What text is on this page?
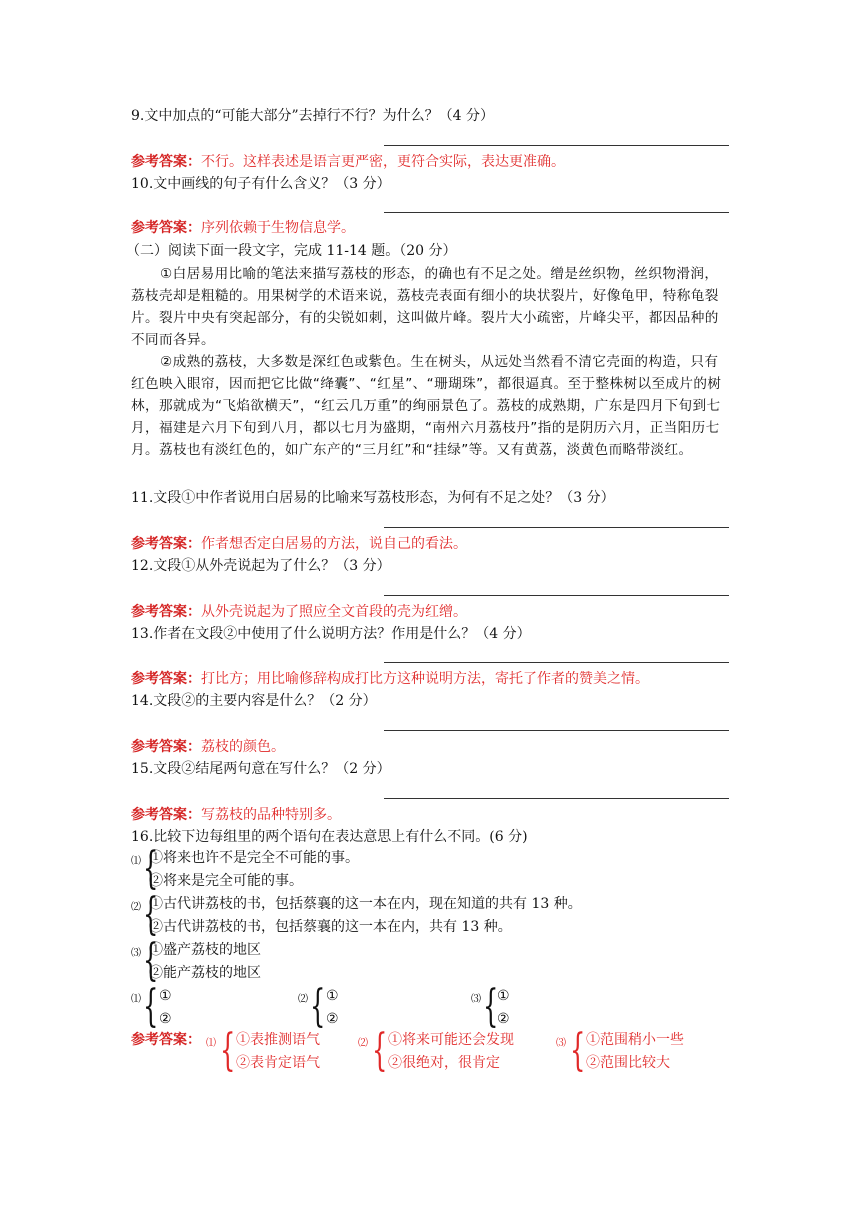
9.文中加点的“可能大部分”去掉行不行？为什么？（4 分）
参考答案：不行。这样表述是语言更严密，更符合实际，表达更准确。
10.文中画线的句子有什么含义？（3 分）
参考答案：序列依赖于生物信息学。
（二）阅读下面一段文字，完成 11-14 题。（20 分）
①白居易用比喻的笔法来描写荔枝的形态，的确也有不足之处。缯是丝织物，丝织物滑润，荔枝壳却是粗糙的。用果树学的术语来说，荔枝壳表面有细小的块状裂片，好像龟甲，特称龟裂片。裂片中央有突起部分，有的尖锐如刺，这叫做片峰。裂片大小疏密，片峰尖平，都因品种的不同而各异。
②成熟的荔枝，大多数是深红色或紫色。生在树头，从远处当然看不清它壳面的构造，只有红色映入眼帘，因而把它比做“绛囊”、“红星”、“珊瑚珠”，都很逼真。至于整株树以至成片的树林，那就成为“飞焰欲横天”，“红云几万重”的绚丽景色了。荔枝的成熟期，广东是四月下旬到七月，福建是六月下旬到八月，都以七月为盛期，“南州六月荔枝丹”指的是阴历六月，正当阳历七月。荔枝也有淡红色的，如广东产的“三月红”和“挂绿”等。又有黄荔，淡黄色而略带淡红。
11.文段①中作者说用白居易的比喻来写荔枝形态，为何有不足之处？（3 分）
参考答案：作者想否定白居易的方法，说自己的看法。
12.文段①从外壳说起为了什么？（3 分）
参考答案：从外壳说起为了照应全文首段的壳为红缯。
13.作者在文段②中使用了什么说明方法？作用是什么？（4 分）
参考答案：打比方；用比喻修辞构成打比方这种说明方法，寄托了作者的赞美之情。
14.文段②的主要内容是什么？（2 分）
参考答案：荔枝的颜色。
15.文段②结尾两句意在写什么？（2 分）
参考答案：写荔枝的品种特别多。
16.比较下边每组里的两个语句在表达意思上有什么不同。(6 分)
⑴ {
①将来也许不是完全不可能的事。
②将来是完全可能的事。
⑵ {
①古代讲荔枝的书，包括蔡襄的这一本在内，现在知道的共有 13 种。
②古代讲荔枝的书，包括蔡襄的这一本在内，共有 13 种。
⑶ {
①盛产荔枝的地区
②能产荔枝的地区
⑴ { ①
②
⑵ { ①
②
⑶ {
①
②
参考答案： ⑴ { ①表推测语气
②表肯定语气
⑵ { ①将来可能还会发现
②很绝对，很肯定
⑶ { ①范围稍小一些
②范围比较大
